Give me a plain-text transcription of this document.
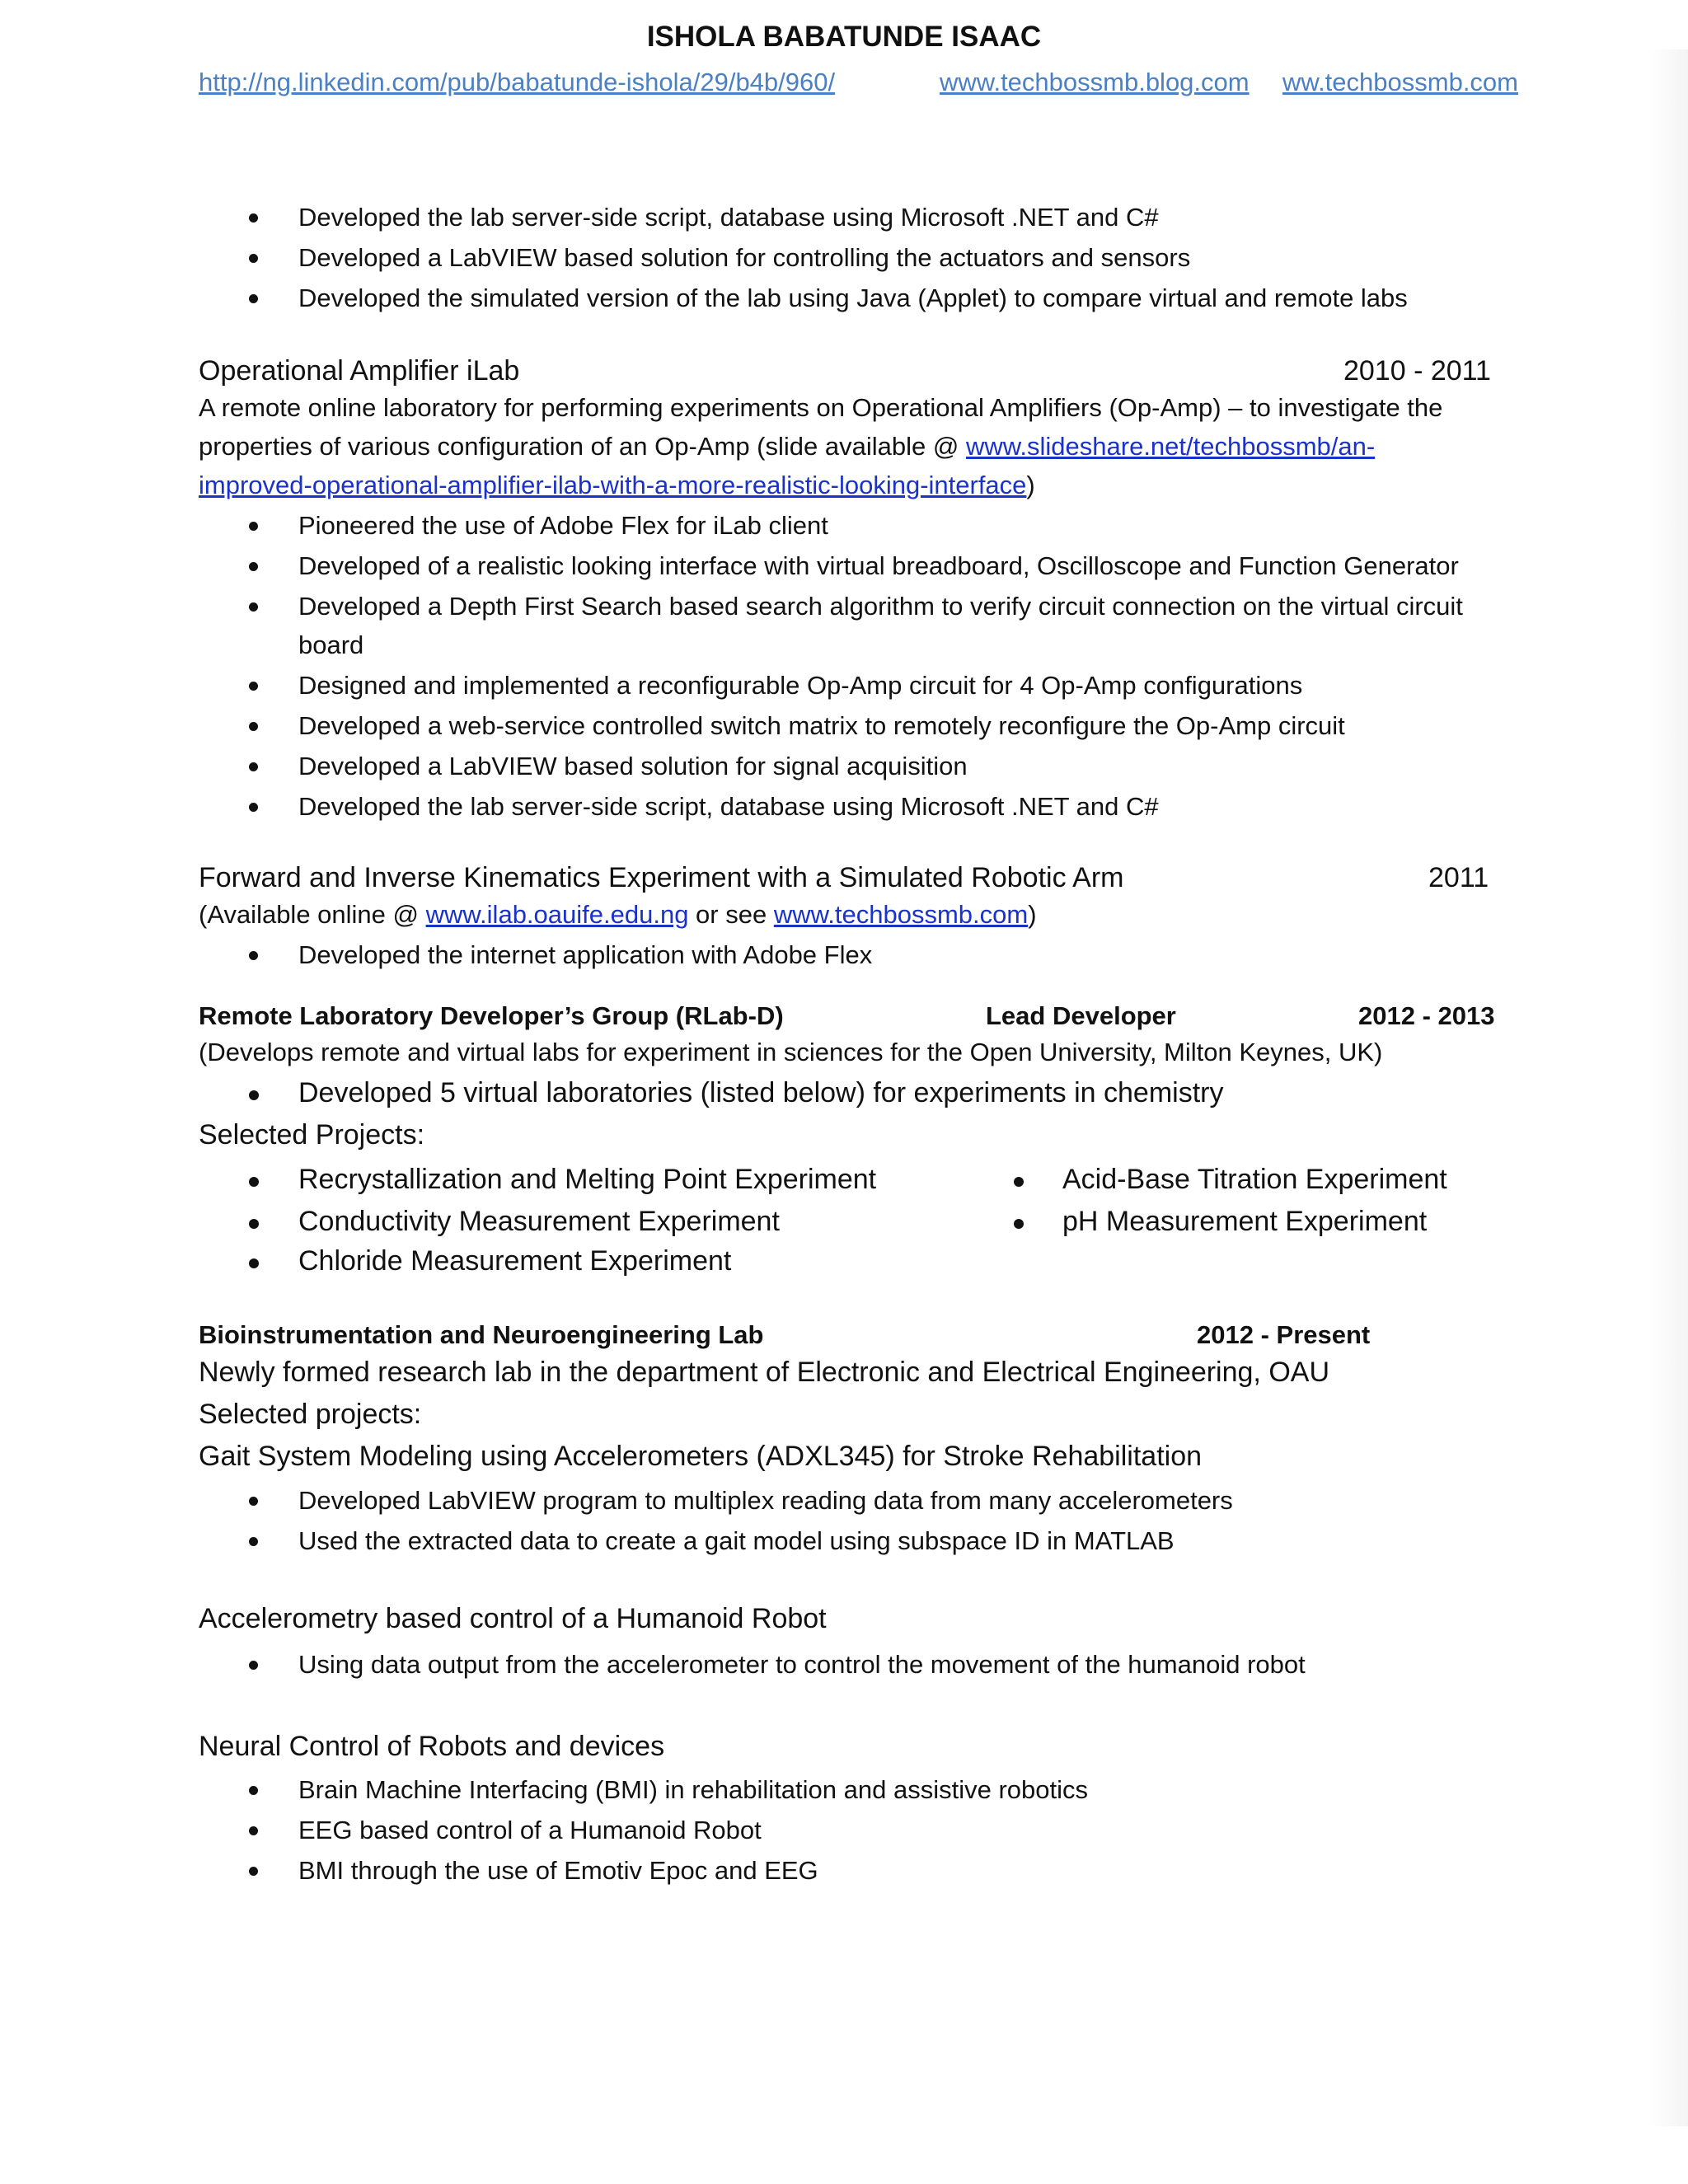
ISHOLA BABATUNDE ISAAC
http://ng.linkedin.com/pub/babatunde-ishola/29/b4b/960/	www.techbossmb.blog.com ww.techbossmb.com
Developed the lab server-side script, database using Microsoft .NET and C#
Developed a LabVIEW based solution for controlling the actuators and sensors
Developed the simulated version of the lab using Java (Applet) to compare virtual and remote labs
Operational Amplifier iLab	2010 - 2011
A remote online laboratory for performing experiments on Operational Amplifiers (Op-Amp) – to investigate the
properties of various configuration of an Op-Amp (slide available @ www.slideshare.net/techbossmb/an-
improved-operational-amplifier-ilab-with-a-more-realistic-looking-interface)
Pioneered the use of Adobe Flex for iLab client
Developed of a realistic looking interface with virtual breadboard, Oscilloscope and Function Generator
Developed a Depth First Search based search algorithm to verify circuit connection on the virtual circuit
board
Designed and implemented a reconfigurable Op-Amp circuit for 4 Op-Amp configurations
Developed a web-service controlled switch matrix to remotely reconfigure the Op-Amp circuit
Developed a LabVIEW based solution for signal acquisition
Developed the lab server-side script, database using Microsoft .NET and C#
Forward and Inverse Kinematics Experiment with a Simulated Robotic Arm	2011
(Available online @ www.ilab.oauife.edu.ng or see www.techbossmb.com)
Developed the internet application with Adobe Flex
Remote Laboratory Developer’s Group (RLab-D)	Lead Developer	2012 - 2013
(Develops remote and virtual labs for experiment in sciences for the Open University, Milton Keynes, UK)
Developed 5 virtual laboratories (listed below) for experiments in chemistry
Selected Projects:
Recrystallization and Melting Point Experiment
Conductivity Measurement Experiment
Chloride Measurement Experiment
Acid-Base Titration Experiment
pH Measurement Experiment
Bioinstrumentation and Neuroengineering Lab	2012 - Present
Newly formed research lab in the department of Electronic and Electrical Engineering, OAU
Selected projects:
Gait System Modeling using Accelerometers (ADXL345) for Stroke Rehabilitation
Developed LabVIEW program to multiplex reading data from many accelerometers
Used the extracted data to create a gait model using subspace ID in MATLAB
Accelerometry based control of a Humanoid Robot
Using data output from the accelerometer to control the movement of the humanoid robot
Neural Control of Robots and devices
Brain Machine Interfacing (BMI) in rehabilitation and assistive robotics
EEG based control of a Humanoid Robot
BMI through the use of Emotiv Epoc and EEG
